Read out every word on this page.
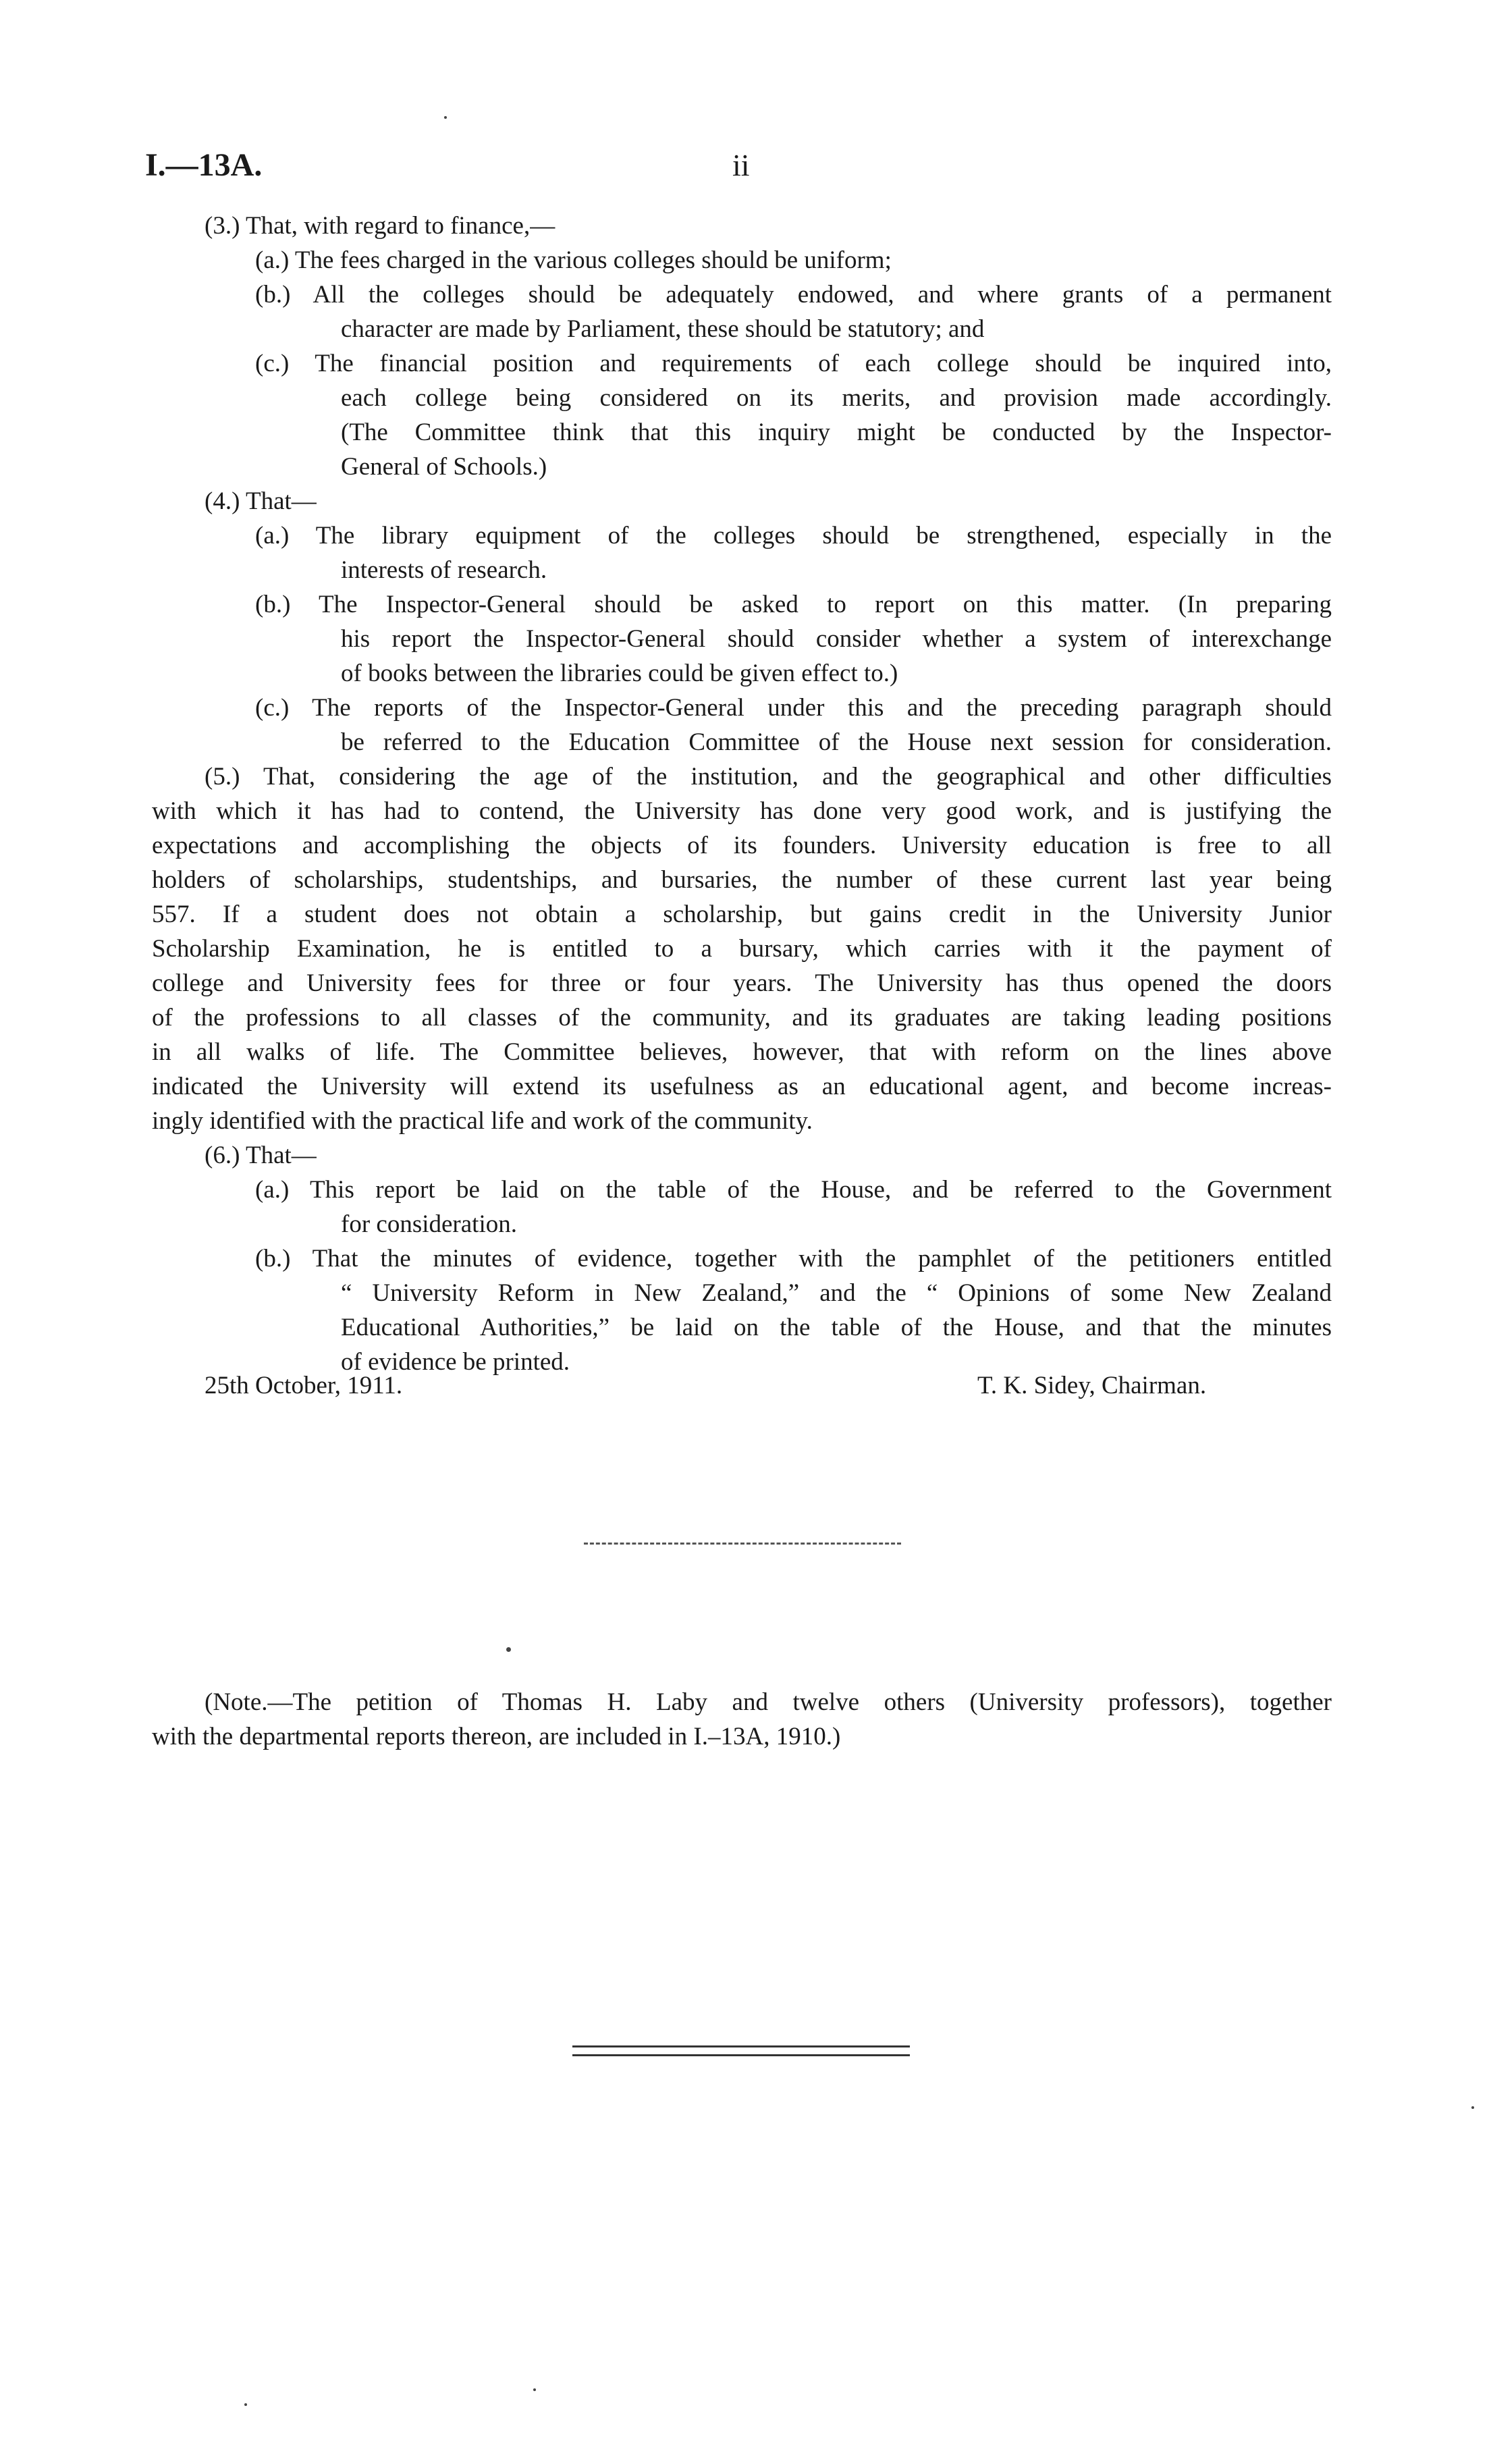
I.—13A.	ii
(3.) That, with regard to finance,—
(a.) The fees charged in the various colleges should be uniform;
(b.) All the colleges should be adequately endowed, and where grants of a permanent
character are made by Parliament, these should be statutory; and
(c.) The financial position and requirements of each college should be inquired into,
each college being considered on its merits, and provision made accordingly.
(The Committee think that this inquiry might be conducted by the Inspector-
General of Schools.)
(4.) That—
(a.) The library equipment of the colleges should be strengthened, especially in the
interests of research.
(b.) The Inspector-General should be asked to report on this matter. (In preparing
his report the Inspector-General should consider whether a system of interexchange
of books between the libraries could be given effect to.)
(c.) The reports of the Inspector-General under this and the preceding paragraph should
be referred to the Education Committee of the House next session for consideration.
(5.) That, considering the age of the institution, and the geographical and other difficulties
with which it has had to contend, the University has done very good work, and is justifying the
expectations and accomplishing the objects of its founders. University education is free to all
holders of scholarships, studentships, and bursaries, the number of these current last year being
557. If a student does not obtain a scholarship, but gains credit in the University Junior
Scholarship Examination, he is entitled to a bursary, which carries with it the payment of
college and University fees for three or four years. The University has thus opened the doors
of the professions to all classes of the community, and its graduates are taking leading positions
in all walks of life. The Committee believes, however, that with reform on the lines above
indicated the University will extend its usefulness as an educational agent, and become increas-
ingly identified with the practical life and work of the community.
(6.) That—
(a.) This report be laid on the table of the House, and be referred to the Government
for consideration.
(b.) That the minutes of evidence, together with the pamphlet of the petitioners entitled
“ University Reform in New Zealand,” and the “ Opinions of some New Zealand
Educational Authorities,” be laid on the table of the House, and that the minutes
of evidence be printed.
25th October, 1911.	T. K. Sidey, Chairman.
(Note.—The petition of Thomas H. Laby and twelve others (University professors), together
with the departmental reports thereon, are included in I.–13A, 1910.)
